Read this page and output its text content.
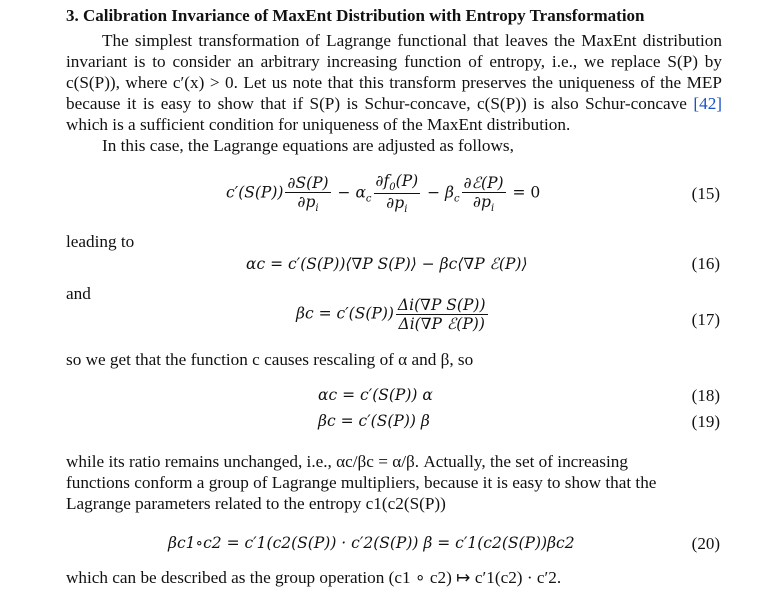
3. Calibration Invariance of MaxEnt Distribution with Entropy Transformation
The simplest transformation of Lagrange functional that leaves the MaxEnt distribution invariant is to consider an arbitrary increasing function of entropy, i.e., we replace S(P) by c(S(P)), where c′(x) > 0. Let us note that this transform preserves the uniqueness of the MEP because it is easy to show that if S(P) is Schur-concave, c(S(P)) is also Schur-concave [42] which is a sufficient condition for uniqueness of the MaxEnt distribution.
In this case, the Lagrange equations are adjusted as follows,
$c'(S(P)) \frac{\partial S(P)}{\partial p_i} - \alpha_c \frac{\partial f_0(P)}{\partial p_i} - \beta_c \frac{\text{∂ℰ(P)}}{\partial p_i} = 0$	(15)
leading to
αc = c′(S(P))⟨∇P S(P)⟩ − βc⟨∇P ℰ(P)⟩	(16)
and
$\beta c = c'(S(P)) \frac{\text{Δi(∇P S(P))}}{\text{Δi(∇P ℰ(P))}}$	(17)
so we get that the function c causes rescaling of α and β, so
αc = c′(S(P)) α	(18)
βc = c′(S(P)) β	(19)
while its ratio remains unchanged, i.e., αc/βc = α/β. Actually, the set of increasing
functions conform a group of Lagrange multipliers, because it is easy to show that the
Lagrange parameters related to the entropy c1(c2(S(P))
βc1∘c2 = c′1(c2(S(P)) · c′2(S(P)) β = c′1(c2(S(P))βc2	(20)
which can be described as the group operation (c1 ∘ c2) ↦ c′1(c2) · c′2.
